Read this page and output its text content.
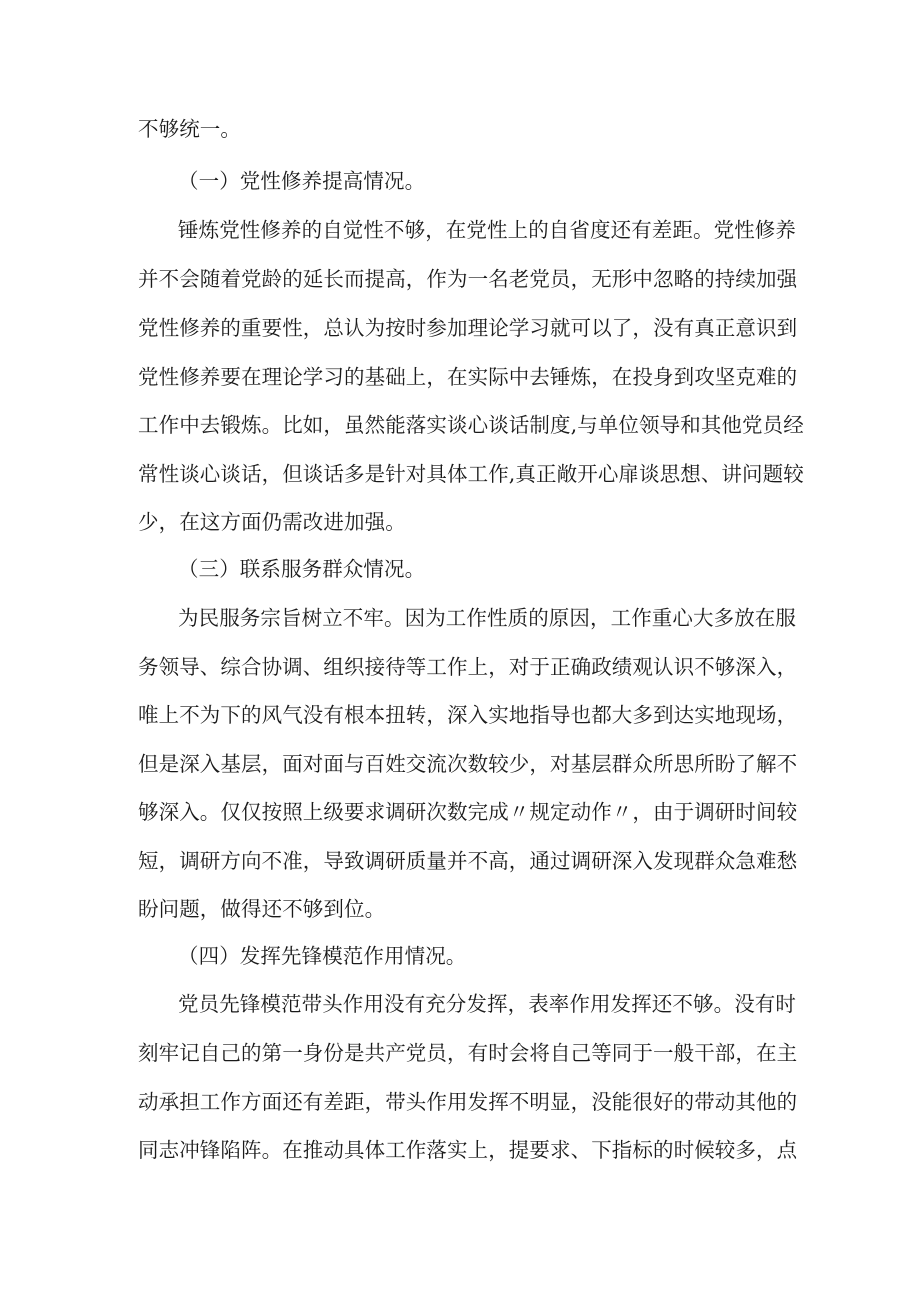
不够统一。
（一）党性修养提高情况。
锤炼党性修养的自觉性不够，在党性上的自省度还有差距。党性修养
并不会随着党龄的延长而提高，作为一名老党员，无形中忽略的持续加强
党性修养的重要性，总认为按时参加理论学习就可以了，没有真正意识到
党性修养要在理论学习的基础上，在实际中去锤炼，在投身到攻坚克难的
工作中去锻炼。比如，虽然能落实谈心谈话制度,与单位领导和其他党员经
常性谈心谈话，但谈话多是针对具体工作,真正敞开心扉谈思想、讲问题较
少，在这方面仍需改进加强。
（三）联系服务群众情况。
为民服务宗旨树立不牢。因为工作性质的原因，工作重心大多放在服
务领导、综合协调、组织接待等工作上，对于正确政绩观认识不够深入，
唯上不为下的风气没有根本扭转，深入实地指导也都大多到达实地现场，
但是深入基层，面对面与百姓交流次数较少，对基层群众所思所盼了解不
够深入。仅仅按照上级要求调研次数完成〃规定动作〃，由于调研时间较
短，调研方向不准，导致调研质量并不高，通过调研深入发现群众急难愁
盼问题，做得还不够到位。
（四）发挥先锋模范作用情况。
党员先锋模范带头作用没有充分发挥，表率作用发挥还不够。没有时
刻牢记自己的第一身份是共产党员，有时会将自己等同于一般干部，在主
动承担工作方面还有差距，带头作用发挥不明显，没能很好的带动其他的
同志冲锋陷阵。在推动具体工作落实上，提要求、下指标的时候较多，点
